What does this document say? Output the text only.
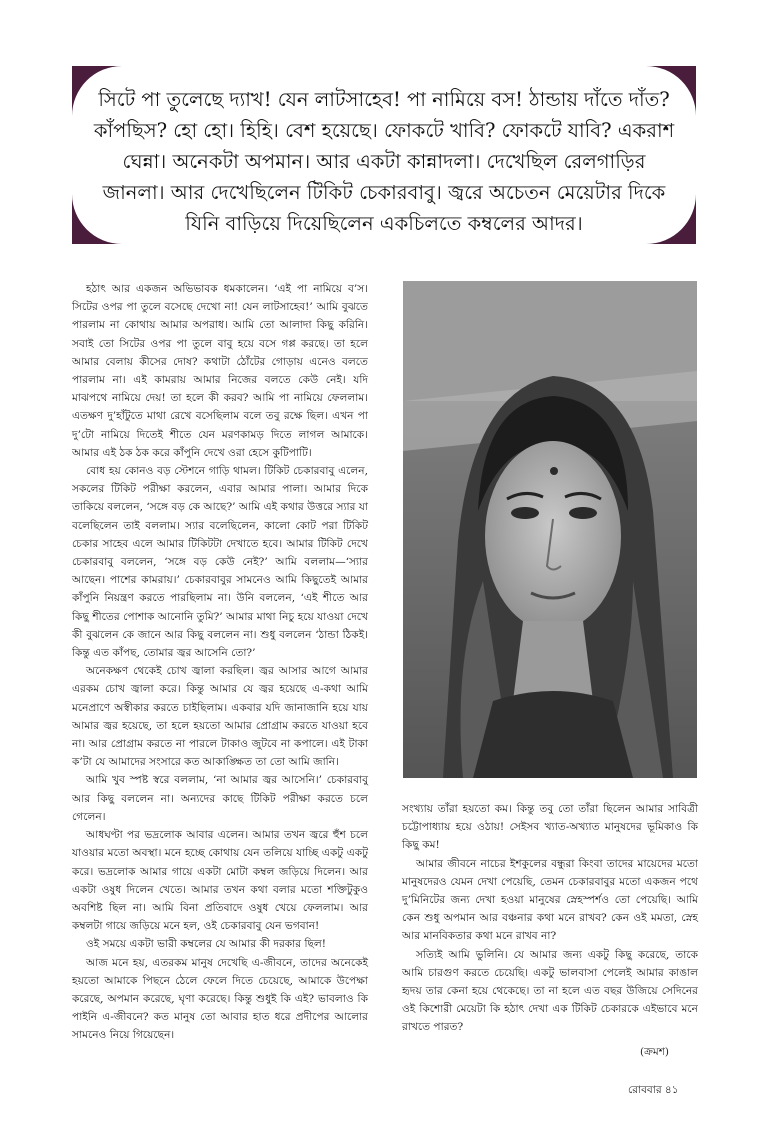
সিটে পা তুলেছে দ্যাখ! যেন লাটসাহেব! পা নামিয়ে বস! ঠান্ডায় দাঁতে দাঁত? কাঁপছিস? হো হো। হিহি। বেশ হয়েছে। ফোকটে খাবি? ফোকটে যাবি? একরাশ ঘেন্না। অনেকটা অপমান। আর একটা কান্নাদলা। দেখেছিল রেলগাড়ির জানলা। আর দেখেছিলেন টিকিট চেকারবাবু। জ্বরে অচেতন মেয়েটার দিকে যিনি বাড়িয়ে দিয়েছিলেন একচিলতে কম্বলের আদর।

হঠাৎ আর একজন অভিভাবক ধমকালেন। ‘এই পা নামিয়ে ব’স। সিটের ওপর পা তুলে বসেছে দেখো না! যেন লাটসাহেব!’ আমি বুঝতে পারলাম না কোথায় আমার অপরাধ। আমি তো আলাদা কিছু করিনি। সবাই তো সিটের ওপর পা তুলে বাবু হয়ে বসে গপ্প করছে। তা হলে আমার বেলায় কীসের দোষ? কথাটা ঠোঁটের গোড়ায় এনেও বলতে পারলাম না। এই কামরায় আমার নিজের বলতে কেউ নেই। যদি মাঝপথে নামিয়ে দেয়! তা হলে কী করব? আমি পা নামিয়ে ফেললাম। এতক্ষণ দু’হাঁটুতে মাথা রেখে বসেছিলাম বলে তবু রক্ষে ছিল। এখন পা দু’টো নামিয়ে দিতেই শীতে যেন মরণকামড় দিতে লাগল আমাকে। আমার এই ঠক ঠক করে কাঁপুনি দেখে ওরা হেসে কুটিপাটি।

বোধ হয় কোনও বড় স্টেশনে গাড়ি থামল। টিকিট চেকারবাবু এলেন, সকলের টিকিট পরীক্ষা করলেন, এবার আমার পালা। আমার দিকে তাকিয়ে বললেন, ‘সঙ্গে বড় কে আছে?’ আমি এই কথার উত্তরে স্যার যা বলেছিলেন তাই বললাম। স্যার বলেছিলেন, কালো কোট পরা টিকিট চেকার সাহেব এলে আমার টিকিটটা দেখাতে হবে। আমার টিকিট দেখে চেকারবাবু বললেন, ‘সঙ্গে বড় কেউ নেই?’ আমি বললাম—‘স্যার আছেন। পাশের কামরায়।’ চেকারবাবুর সামনেও আমি কিছুতেই আমার কাঁপুনি নিয়ন্ত্রণ করতে পারছিলাম না। উনি বললেন, ‘এই শীতে আর কিছু শীতের পোশাক আনোনি তুমি?’ আমার মাথা নিচু হয়ে যাওয়া দেখে কী বুঝলেন কে জানে আর কিছু বললেন না। শুধু বললেন ‘ঠান্ডা ঠিকই। কিন্তু এত কাঁপছ, তোমার জ্বর আসেনি তো?’

অনেকক্ষণ থেকেই চোখ জ্বালা করছিল। জ্বর আসার আগে আমার এরকম চোখ জ্বালা করে। কিন্তু আমার যে জ্বর হয়েছে এ-কথা আমি মনেপ্রাণে অস্বীকার করতে চাইছিলাম। একবার যদি জানাজানি হয়ে যায় আমার জ্বর হয়েছে, তা হলে হয়তো আমার প্রোগ্রাম করতে যাওয়া হবে না। আর প্রোগ্রাম করতে না পারলে টাকাও জুটবে না কপালে। এই টাকা ক’টা যে আমাদের সংসারে কত আকাঙ্ক্ষিত তা তো আমি জানি।

আমি খুব স্পষ্ট স্বরে বললাম, ‘না আমার জ্বর আসেনি।’ চেকারবাবু আর কিছু বললেন না। অন্যদের কাছে টিকিট পরীক্ষা করতে চলে গেলেন।

আধঘণ্টা পর ভদ্রলোক আবার এলেন। আমার তখন জ্বরে হুঁশ চলে যাওয়ার মতো অবস্থা। মনে হচ্ছে কোথায় যেন তলিয়ে যাচ্ছি একটু একটু করে। ভদ্রলোক আমার গায়ে একটা মোটা কম্বল জড়িয়ে দিলেন। আর একটা ওষুধ দিলেন খেতে। আমার তখন কথা বলার মতো শক্তিটুকুও অবশিষ্ট ছিল না। আমি বিনা প্রতিবাদে ওষুধ খেয়ে ফেললাম। আর কম্বলটা গায়ে জড়িয়ে মনে হল, ওই চেকারবাবু যেন ভগবান!

ওই সময়ে একটা ভারী কম্বলের যে আমার কী দরকার ছিল!

আজ মনে হয়, এতরকম মানুষ দেখেছি এ-জীবনে, তাদের অনেকেই হয়তো আমাকে পিছনে ঠেলে ফেলে দিতে চেয়েছে, আমাকে উপেক্ষা করেছে, অপমান করেছে, ঘৃণা করেছে। কিন্তু শুধুই কি এই? ভাবলাও কি পাইনি এ-জীবনে? কত মানুষ তো আবার হাত ধরে প্রদীপের আলোর সামনেও নিয়ে গিয়েছেন।

সংখ্যায় তাঁরা হয়তো কম। কিন্তু তবু তো তাঁরা ছিলেন আমার সাবিত্রী চট্টোপাধ্যায় হয়ে ওঠায়! সেইসব খ্যাত-অখ্যাত মানুষদের ভূমিকাও কি কিছু কম!

আমার জীবনে নাচের ইশকুলের বন্ধুরা কিংবা তাদের মায়েদের মতো মানুষদেরও যেমন দেখা পেয়েছি, তেমন চেকারবাবুর মতো একজন পথে দু’মিনিটের জন্য দেখা হওয়া মানুষের স্নেহস্পর্শও তো পেয়েছি। আমি কেন শুধু অপমান আর বঞ্চনার কথা মনে রাখব? কেন ওই মমতা, স্নেহ আর মানবিকতার কথা মনে রাখব না?

সত্যিই আমি ভুলিনি। যে আমার জন্য একটু কিছু করেছে, তাকে আমি চারগুণ করতে চেয়েছি। একটু ভালবাসা পেলেই আমার কাঙাল হৃদয় তার কেনা হয়ে থেকেছে। তা না হলে এত বছর উজিয়ে সেদিনের ওই কিশোরী মেয়েটা কি হঠাৎ দেখা এক টিকিট চেকারকে এইভাবে মনে রাখতে পারত?

(ক্রমশ)
রোববার ৪১
